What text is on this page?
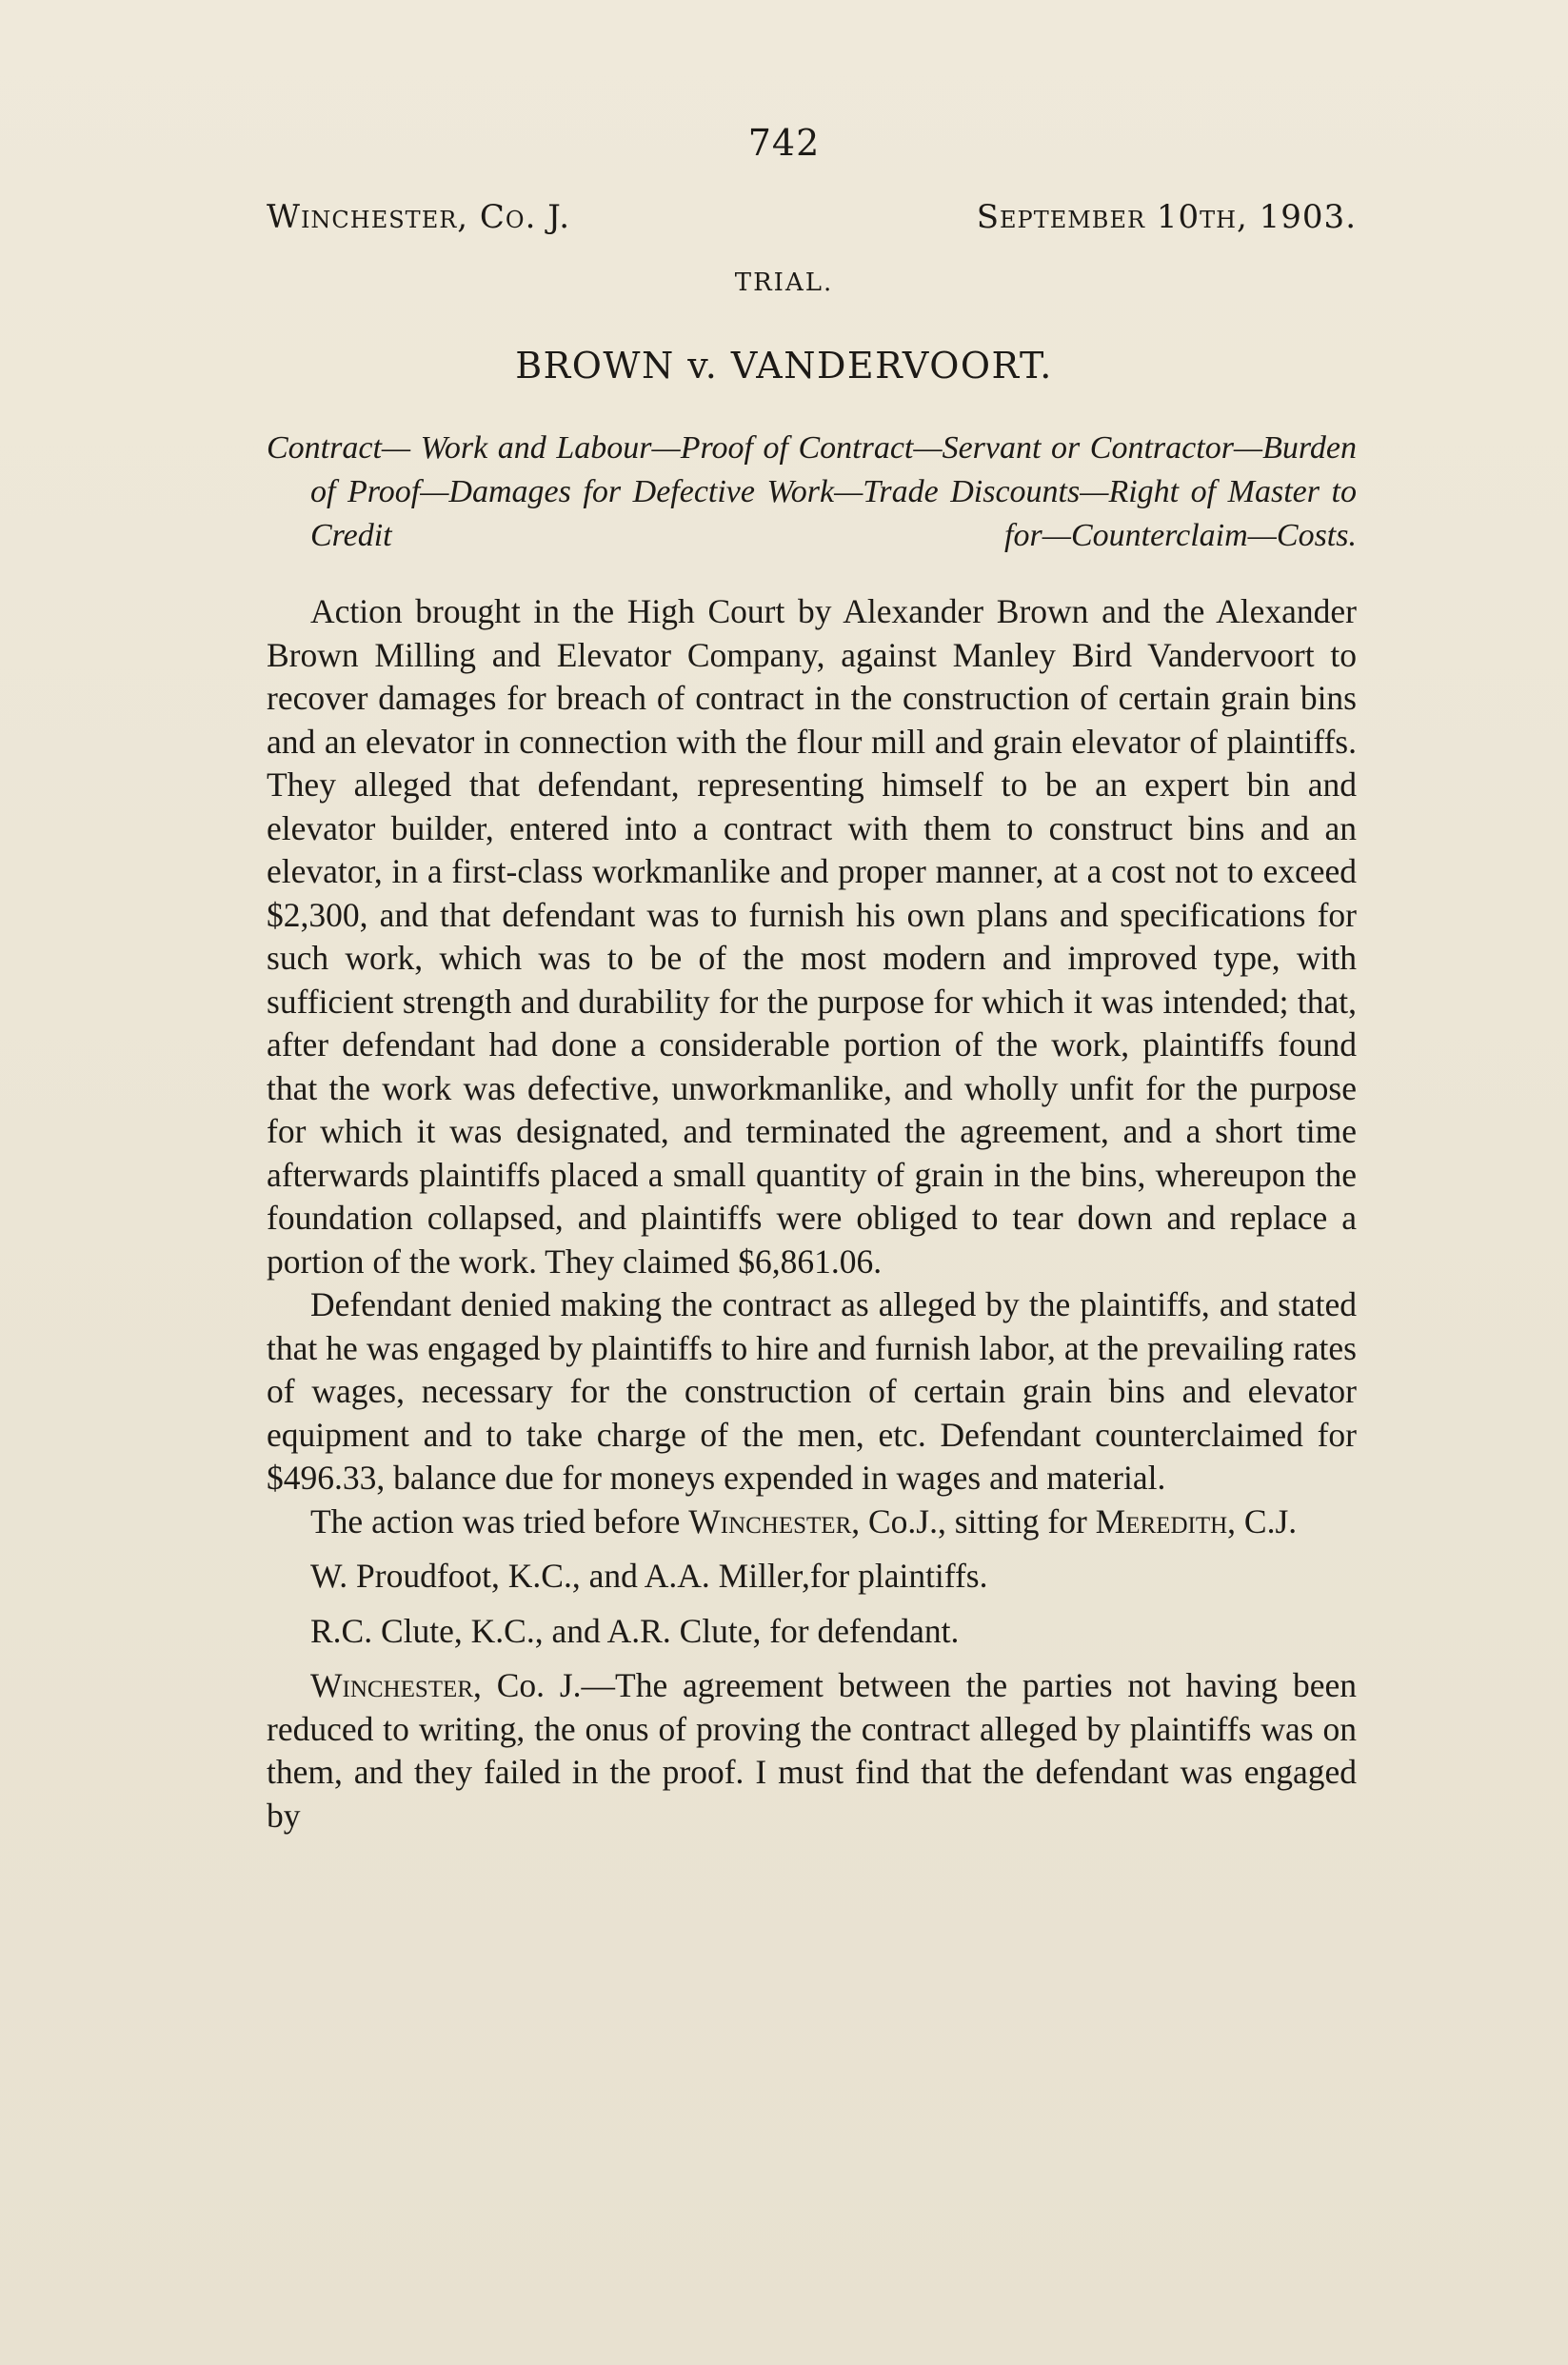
742
Winchester, Co. J.	September 10th, 1903.
TRIAL.
BROWN v. VANDERVOORT.
Contract— Work and Labour—Proof of Contract—Servant or Contractor—Burden of Proof—Damages for Defective Work—Trade Discounts—Right of Master to Credit for—Counterclaim—Costs.

Action brought in the High Court by Alexander Brown and the Alexander Brown Milling and Elevator Company, against Manley Bird Vandervoort to recover damages for breach of contract in the construction of certain grain bins and an elevator in connection with the flour mill and grain elevator of plaintiffs. They alleged that defendant, representing himself to be an expert bin and elevator builder, entered into a contract with them to construct bins and an elevator, in a first-class workmanlike and proper manner, at a cost not to exceed $2,300, and that defendant was to furnish his own plans and specifications for such work, which was to be of the most modern and improved type, with sufficient strength and durability for the purpose for which it was intended; that, after defendant had done a considerable portion of the work, plaintiffs found that the work was defective, unworkmanlike, and wholly unfit for the purpose for which it was designated, and terminated the agreement, and a short time afterwards plaintiffs placed a small quantity of grain in the bins, whereupon the foundation collapsed, and plaintiffs were obliged to tear down and replace a portion of the work. They claimed $6,861.06.

Defendant denied making the contract as alleged by the plaintiffs, and stated that he was engaged by plaintiffs to hire and furnish labor, at the prevailing rates of wages, necessary for the construction of certain grain bins and elevator equipment and to take charge of the men, etc. Defendant counterclaimed for $496.33, balance due for moneys expended in wages and material.

The action was tried before Winchester, Co.J., sitting for Meredith, C.J.

W. Proudfoot, K.C., and A.A. Miller,for plaintiffs.

R.C. Clute, K.C., and A.R. Clute, for defendant.

Winchester, Co. J.—The agreement between the parties not having been reduced to writing, the onus of proving the contract alleged by plaintiffs was on them, and they failed in the proof. I must find that the defendant was engaged by
